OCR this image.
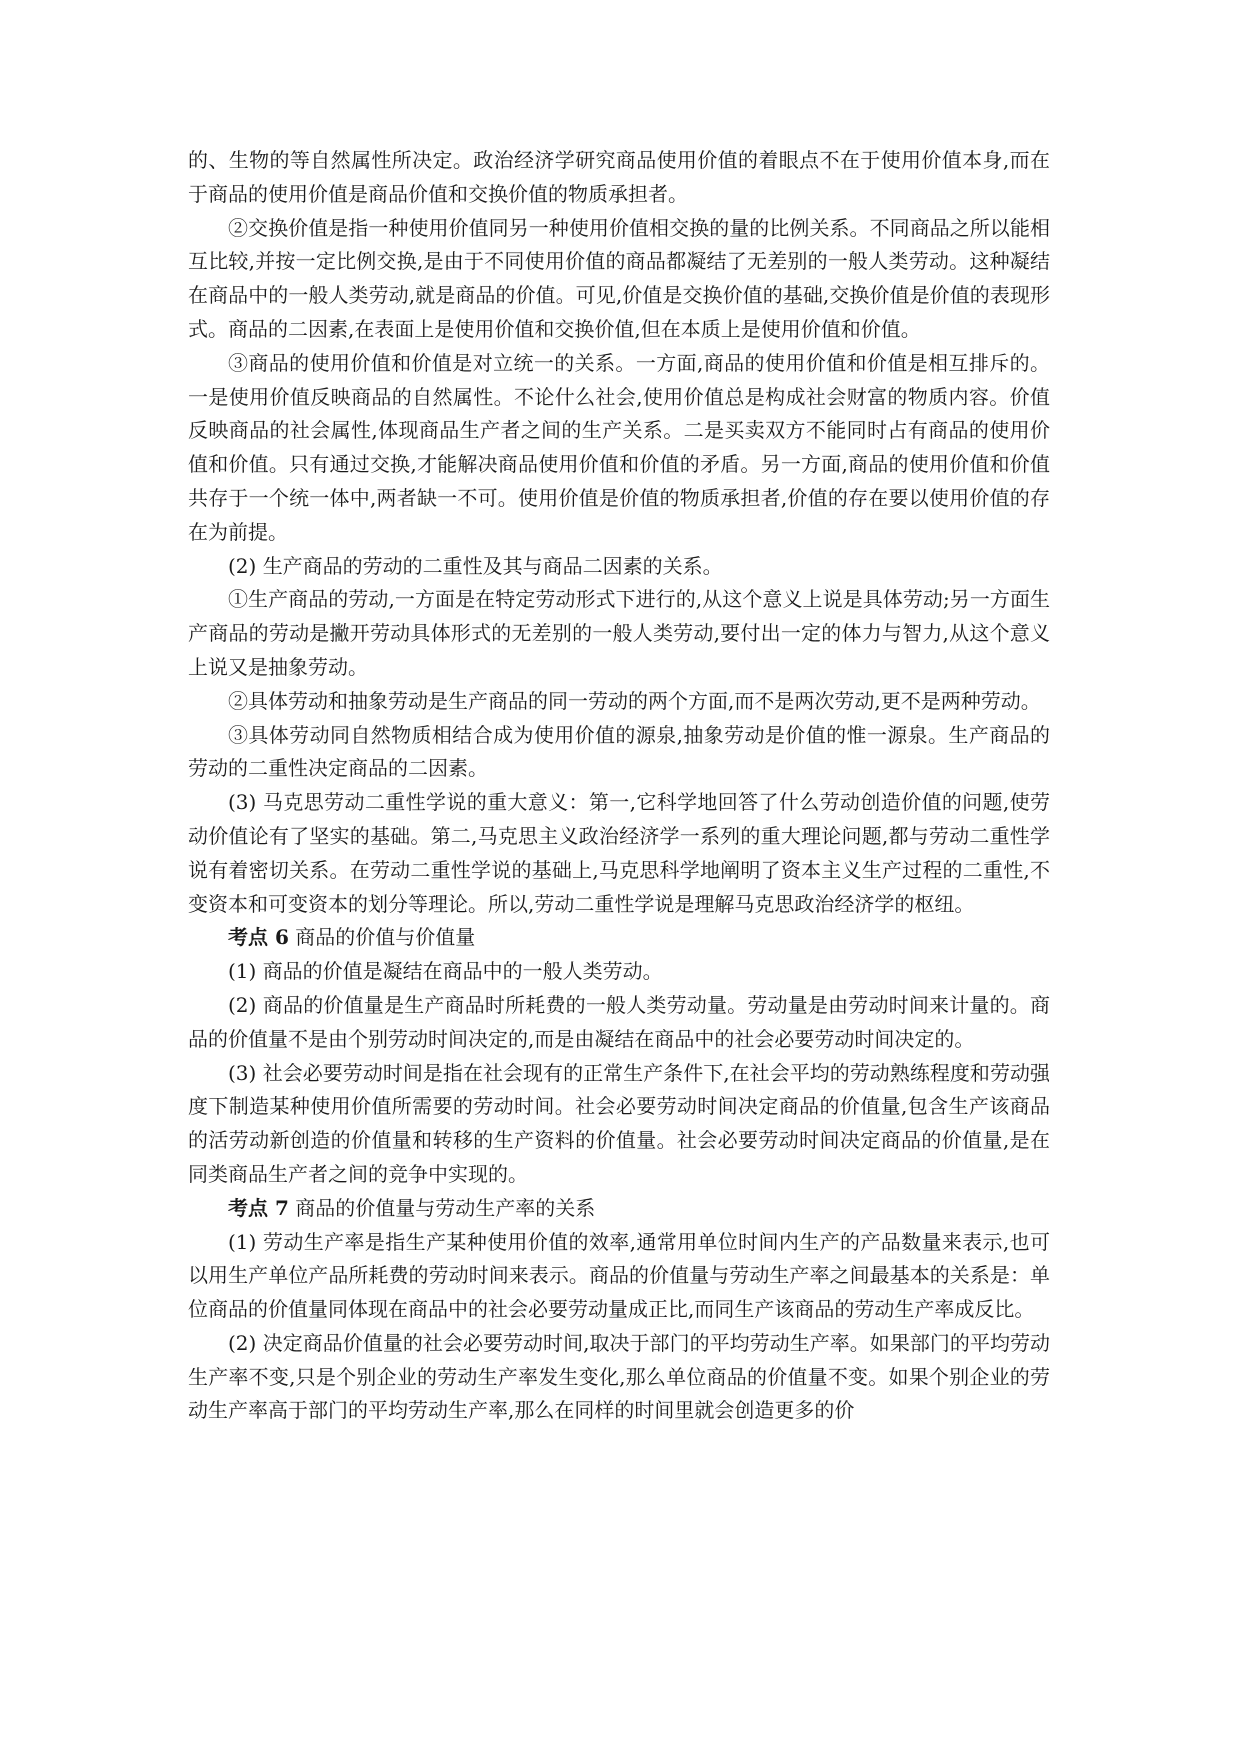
的、生物的等自然属性所决定。政治经济学研究商品使用价值的着眼点不在于使用价值本身,而在于商品的使用价值是商品价值和交换价值的物质承担者。

②交换价值是指一种使用价值同另一种使用价值相交换的量的比例关系。不同商品之所以能相互比较,并按一定比例交换,是由于不同使用价值的商品都凝结了无差别的一般人类劳动。这种凝结在商品中的一般人类劳动,就是商品的价值。可见,价值是交换价值的基础,交换价值是价值的表现形式。商品的二因素,在表面上是使用价值和交换价值,但在本质上是使用价值和价值。

③商品的使用价值和价值是对立统一的关系。一方面,商品的使用价值和价值是相互排斥的。一是使用价值反映商品的自然属性。不论什么社会,使用价值总是构成社会财富的物质内容。价值反映商品的社会属性,体现商品生产者之间的生产关系。二是买卖双方不能同时占有商品的使用价值和价值。只有通过交换,才能解决商品使用价值和价值的矛盾。另一方面,商品的使用价值和价值共存于一个统一体中,两者缺一不可。使用价值是价值的物质承担者,价值的存在要以使用价值的存在为前提。

(2) 生产商品的劳动的二重性及其与商品二因素的关系。

①生产商品的劳动,一方面是在特定劳动形式下进行的,从这个意义上说是具体劳动;另一方面生产商品的劳动是撇开劳动具体形式的无差别的一般人类劳动,要付出一定的体力与智力,从这个意义上说又是抽象劳动。

②具体劳动和抽象劳动是生产商品的同一劳动的两个方面,而不是两次劳动,更不是两种劳动。

③具体劳动同自然物质相结合成为使用价值的源泉,抽象劳动是价值的惟一源泉。生产商品的劳动的二重性决定商品的二因素。

(3) 马克思劳动二重性学说的重大意义：第一,它科学地回答了什么劳动创造价值的问题,使劳动价值论有了坚实的基础。第二,马克思主义政治经济学一系列的重大理论问题,都与劳动二重性学说有着密切关系。在劳动二重性学说的基础上,马克思科学地阐明了资本主义生产过程的二重性,不变资本和可变资本的划分等理论。所以,劳动二重性学说是理解马克思政治经济学的枢纽。

考点 6 商品的价值与价值量

(1) 商品的价值是凝结在商品中的一般人类劳动。

(2) 商品的价值量是生产商品时所耗费的一般人类劳动量。劳动量是由劳动时间来计量的。商品的价值量不是由个别劳动时间决定的,而是由凝结在商品中的社会必要劳动时间决定的。

(3) 社会必要劳动时间是指在社会现有的正常生产条件下,在社会平均的劳动熟练程度和劳动强度下制造某种使用价值所需要的劳动时间。社会必要劳动时间决定商品的价值量,包含生产该商品的活劳动新创造的价值量和转移的生产资料的价值量。社会必要劳动时间决定商品的价值量,是在同类商品生产者之间的竞争中实现的。

考点 7 商品的价值量与劳动生产率的关系

(1) 劳动生产率是指生产某种使用价值的效率,通常用单位时间内生产的产品数量来表示,也可以用生产单位产品所耗费的劳动时间来表示。商品的价值量与劳动生产率之间最基本的关系是：单位商品的价值量同体现在商品中的社会必要劳动量成正比,而同生产该商品的劳动生产率成反比。

(2) 决定商品价值量的社会必要劳动时间,取决于部门的平均劳动生产率。如果部门的平均劳动生产率不变,只是个别企业的劳动生产率发生变化,那么单位商品的价值量不变。如果个别企业的劳动生产率高于部门的平均劳动生产率,那么在同样的时间里就会创造更多的价
